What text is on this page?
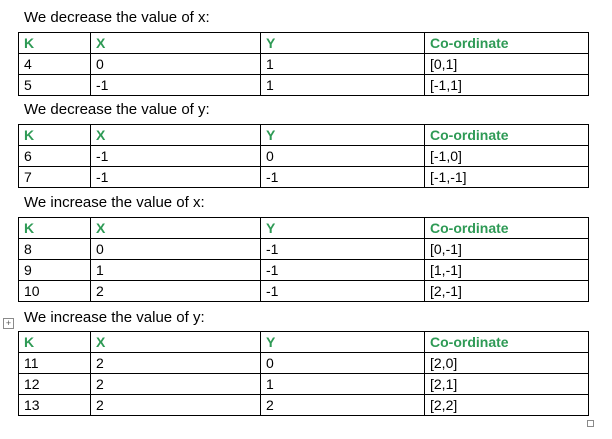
We decrease the value of x:
K	X	Y	Co-ordinate
4	0	1	[0,1]
5	-1	1	[-1,1]
We decrease the value of y:
K	X	Y	Co-ordinate
6	-1	0	[-1,0]
7	-1	-1	[-1,-1]
We increase the value of x:
K	X	Y	Co-ordinate
8	0	-1	[0,-1]
9	1	-1	[1,-1]
10	2	-1	[2,-1]
+ We increase the value of y:
K	X	Y	Co-ordinate
11	2	0	[2,0]
12	2	1	[2,1]
13	2	2	[2,2]
